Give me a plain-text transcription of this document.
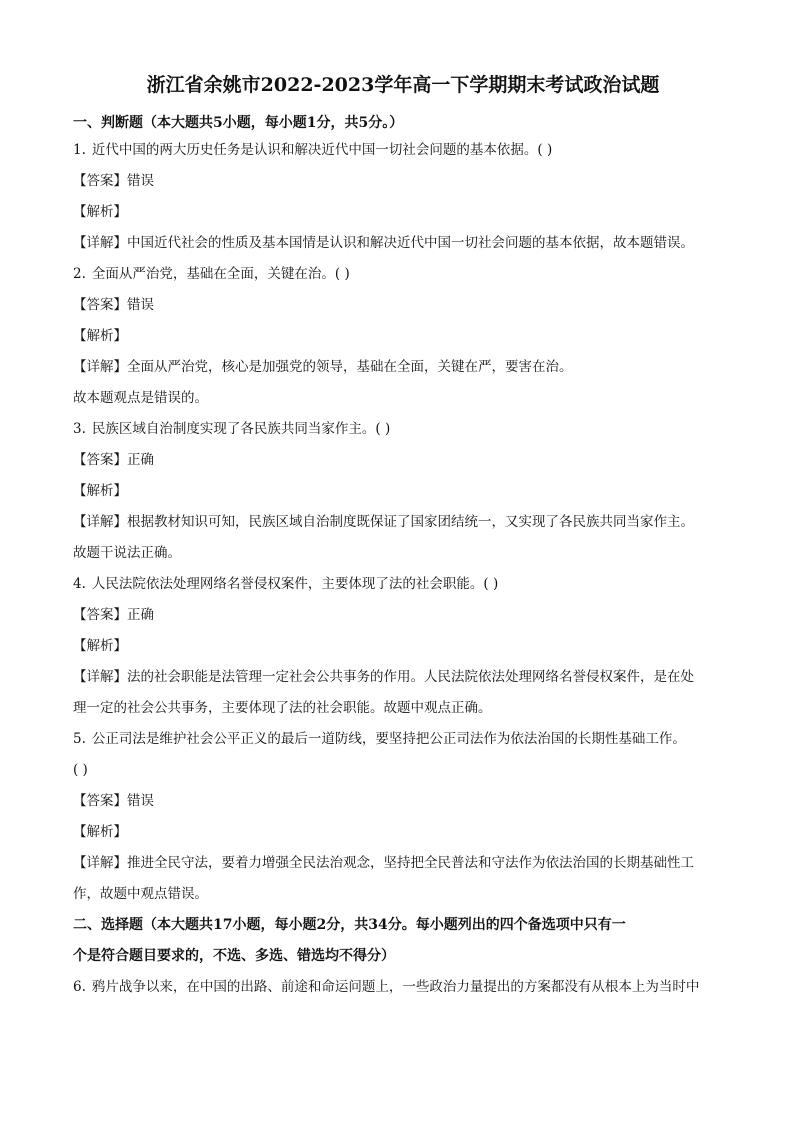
浙江省余姚市2022-2023学年高一下学期期末考试政治试题

一、判断题（本大题共5小题，每小题1分，共5分。）

1. 近代中国的两大历史任务是认识和解决近代中国一切社会问题的基本依据。( )

【答案】错误

【解析】

【详解】中国近代社会的性质及基本国情是认识和解决近代中国一切社会问题的基本依据，故本题错误。

2. 全面从严治党，基础在全面，关键在治。( )

【答案】错误

【解析】

【详解】全面从严治党，核心是加强党的领导，基础在全面，关键在严，要害在治。

故本题观点是错误的。

3. 民族区域自治制度实现了各民族共同当家作主。( )

【答案】正确

【解析】

【详解】根据教材知识可知，民族区域自治制度既保证了国家团结统一，又实现了各民族共同当家作主。

故题干说法正确。

4. 人民法院依法处理网络名誉侵权案件，主要体现了法的社会职能。( )

【答案】正确

【解析】

【详解】法的社会职能是法管理一定社会公共事务的作用。人民法院依法处理网络名誉侵权案件，是在处

理一定的社会公共事务，主要体现了法的社会职能。故题中观点正确。

5. 公正司法是维护社会公平正义的最后一道防线，要坚持把公正司法作为依法治国的长期性基础工作。

( )

【答案】错误

【解析】

【详解】推进全民守法，要着力增强全民法治观念，坚持把全民普法和守法作为依法治国的长期基础性工

作，故题中观点错误。

二、选择题（本大题共17小题，每小题2分，共34分。每小题列出的四个备选项中只有一

个是符合题目要求的，不选、多选、错选均不得分）

6. 鸦片战争以来，在中国的出路、前途和命运问题上，一些政治力量提出的方案都没有从根本上为当时中
